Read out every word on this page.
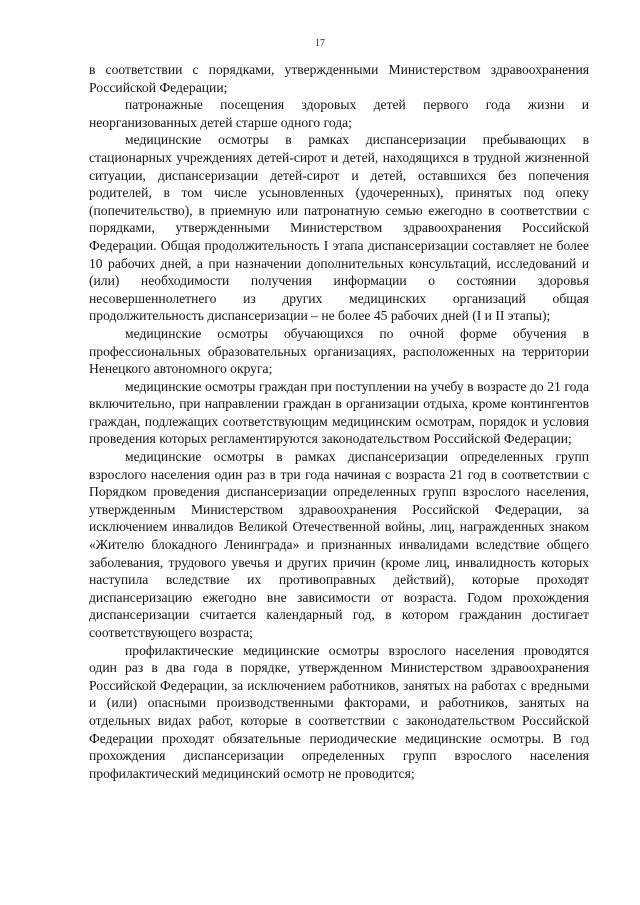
17

в соответствии с порядками, утвержденными Министерством здравоохранения Российской Федерации;

патронажные посещения здоровых детей первого года жизни и неорганизованных детей старше одного года;

медицинские осмотры в рамках диспансеризации пребывающих в стационарных учреждениях детей-сирот и детей, находящихся в трудной жизненной ситуации, диспансеризации детей-сирот и детей, оставшихся без попечения родителей, в том числе усыновленных (удочеренных), принятых под опеку (попечительство), в приемную или патронатную семью ежегодно в соответствии с порядками, утвержденными Министерством здравоохранения Российской Федерации. Общая продолжительность I этапа диспансеризации составляет не более 10 рабочих дней, а при назначении дополнительных консультаций, исследований и (или) необходимости получения информации о состоянии здоровья несовершеннолетнего из других медицинских организаций общая продолжительность диспансеризации – не более 45 рабочих дней (I и II этапы);

медицинские осмотры обучающихся по очной форме обучения в профессиональных образовательных организациях, расположенных на территории Ненецкого автономного округа;

медицинские осмотры граждан при поступлении на учебу в возрасте до 21 года включительно, при направлении граждан в организации отдыха, кроме контингентов граждан, подлежащих соответствующим медицинским осмотрам, порядок и условия проведения которых регламентируются законодательством Российской Федерации;

медицинские осмотры в рамках диспансеризации определенных групп взрослого населения один раз в три года начиная с возраста 21 год в соответствии с Порядком проведения диспансеризации определенных групп взрослого населения, утвержденным Министерством здравоохранения Российской Федерации, за исключением инвалидов Великой Отечественной войны, лиц, награжденных знаком «Жителю блокадного Ленинграда» и признанных инвалидами вследствие общего заболевания, трудового увечья и других причин (кроме лиц, инвалидность которых наступила вследствие их противоправных действий), которые проходят диспансеризацию ежегодно вне зависимости от возраста. Годом прохождения диспансеризации считается календарный год, в котором гражданин достигает соответствующего возраста;

профилактические медицинские осмотры взрослого населения проводятся один раз в два года в порядке, утвержденном Министерством здравоохранения Российской Федерации, за исключением работников, занятых на работах с вредными и (или) опасными производственными факторами, и работников, занятых на отдельных видах работ, которые в соответствии с законодательством Российской Федерации проходят обязательные периодические медицинские осмотры. В год прохождения диспансеризации определенных групп взрослого населения профилактический медицинский осмотр не проводится;
